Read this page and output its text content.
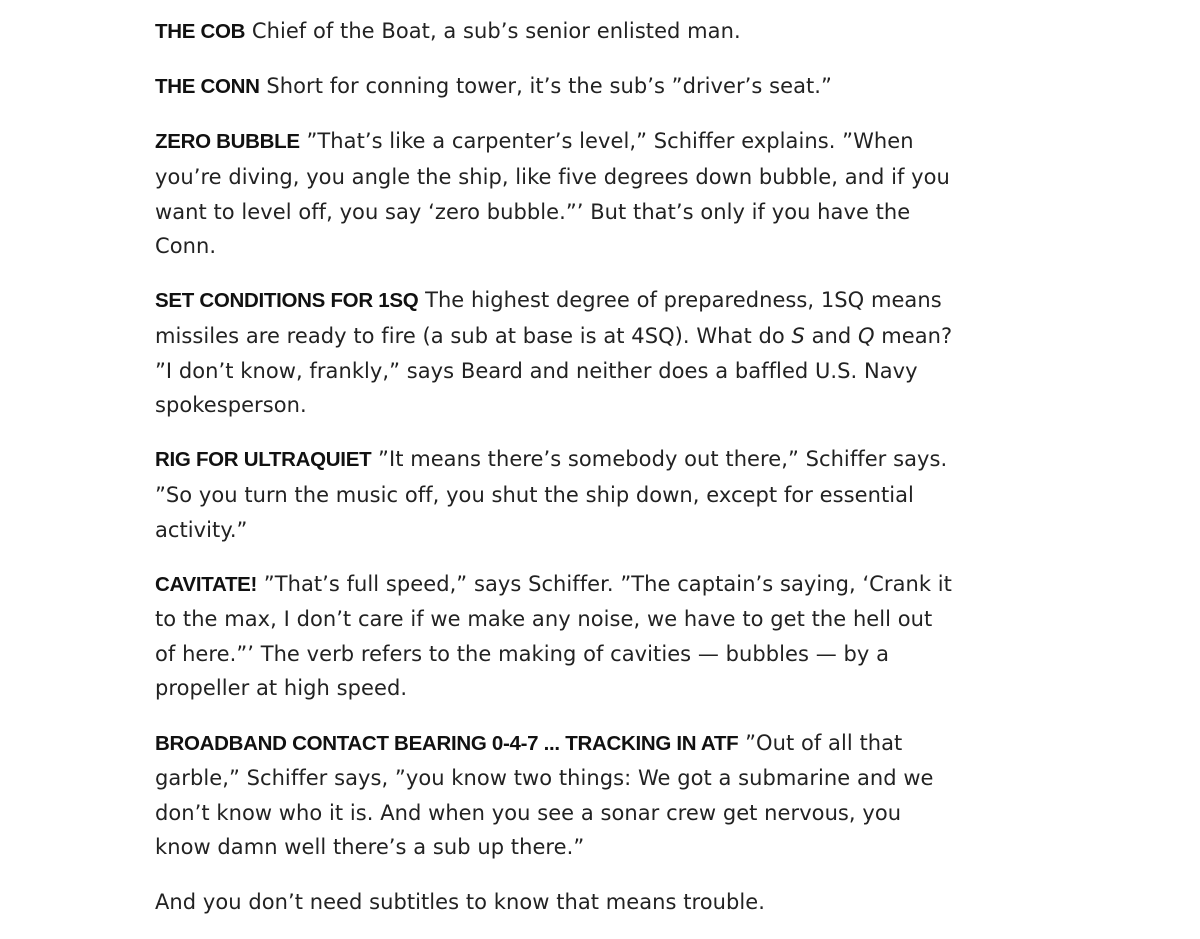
THE COB Chief of the Boat, a sub’s senior enlisted man.

THE CONN Short for conning tower, it’s the sub’s ”driver’s seat.”

ZERO BUBBLE ”That’s like a carpenter’s level,” Schiffer explains. ”When you’re diving, you angle the ship, like five degrees down bubble, and if you want to level off, you say ‘zero bubble.”’ But that’s only if you have the Conn.

SET CONDITIONS FOR 1SQ The highest degree of preparedness, 1SQ means missiles are ready to fire (a sub at base is at 4SQ). What do S and Q mean? ”I don’t know, frankly,” says Beard and neither does a baffled U.S. Navy spokesperson.

RIG FOR ULTRAQUIET ”It means there’s somebody out there,” Schiffer says. ”So you turn the music off, you shut the ship down, except for essential activity.”

CAVITATE! ”That’s full speed,” says Schiffer. ”The captain’s saying, ‘Crank it to the max, I don’t care if we make any noise, we have to get the hell out of here.”’ The verb refers to the making of cavities — bubbles — by a propeller at high speed.

BROADBAND CONTACT BEARING 0-4-7 ... TRACKING IN ATF ”Out of all that garble,” Schiffer says, ”you know two things: We got a submarine and we don’t know who it is. And when you see a sonar crew get nervous, you know damn well there’s a sub up there.”

And you don’t need subtitles to know that means trouble.
